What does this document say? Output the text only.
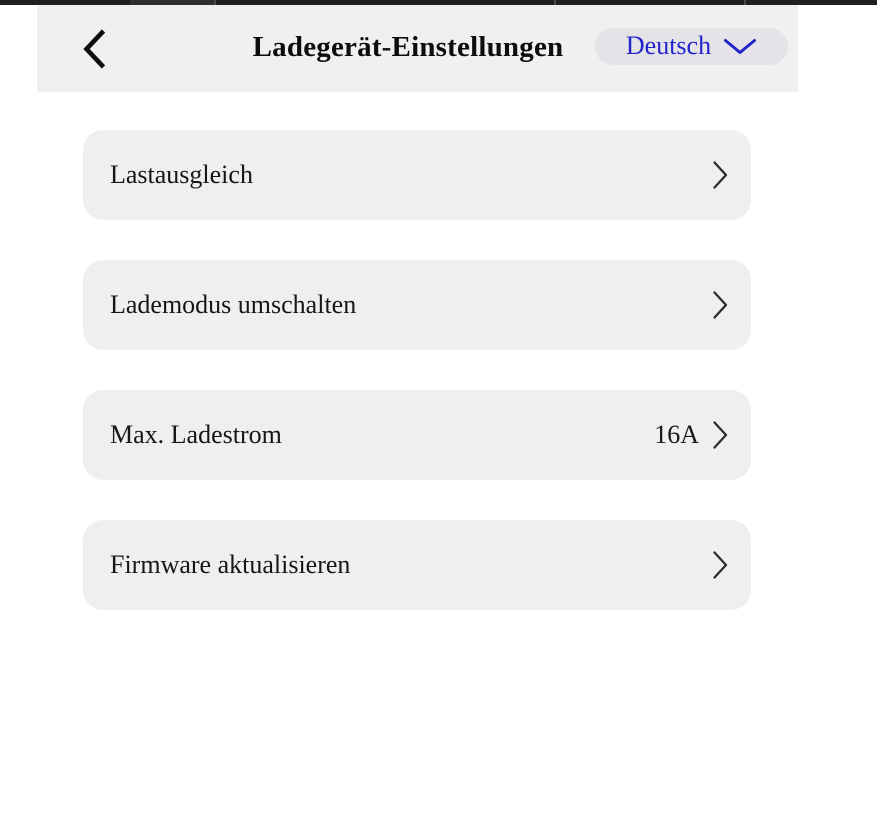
Ladegerät-Einstellungen Deutsch
Lastausgleich
Lademodus umschalten
Max. Ladestrom	16A
Firmware aktualisieren
